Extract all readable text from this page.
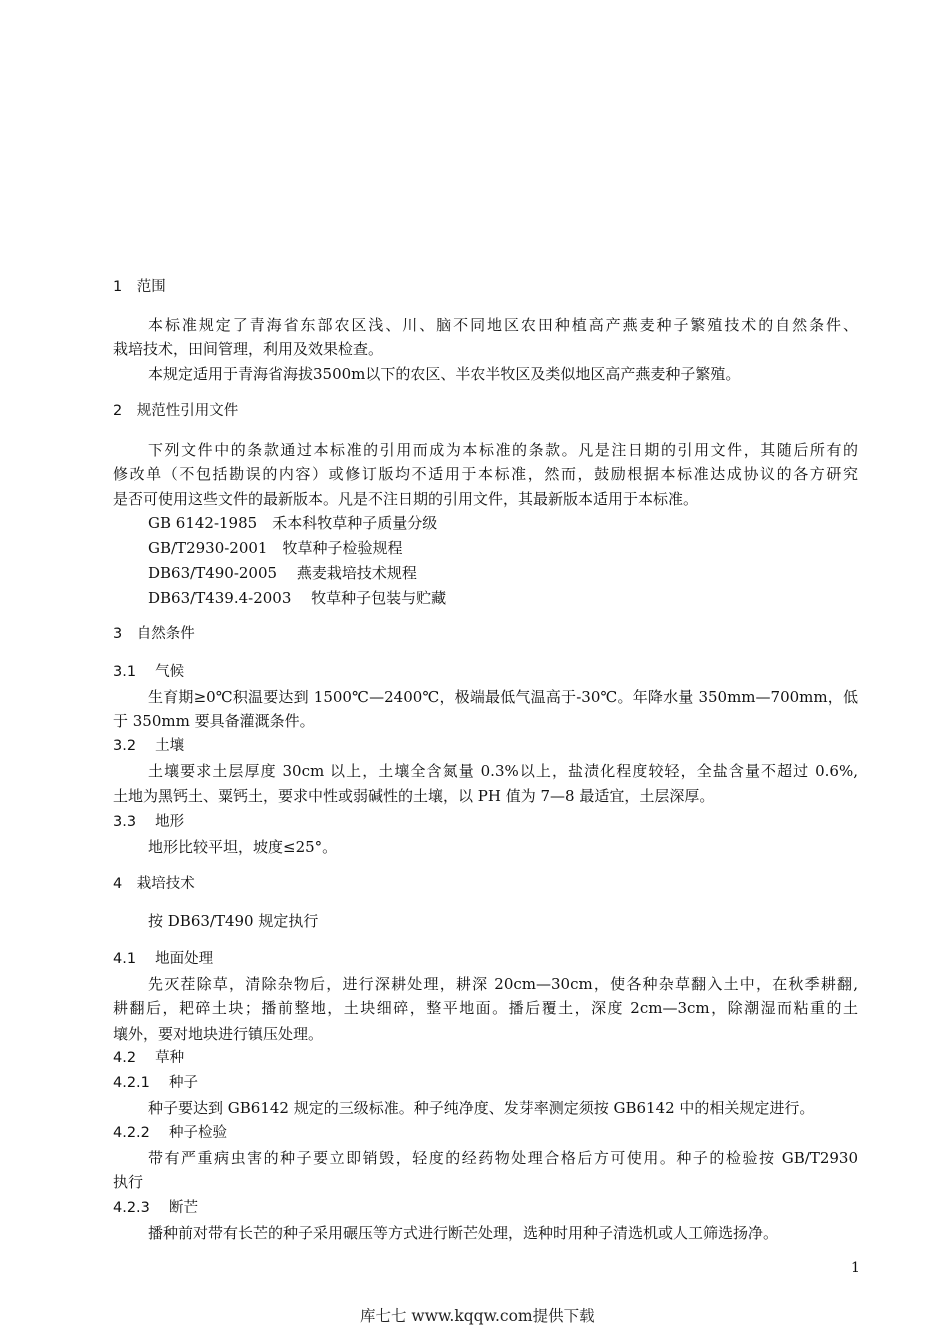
1　范围
本标准规定了青海省东部农区浅、川、脑不同地区农田种植高产燕麦种子繁殖技术的自然条件、
栽培技术，田间管理，利用及效果检查。
本规定适用于青海省海拔3500m以下的农区、半农半牧区及类似地区高产燕麦种子繁殖。
2　规范性引用文件
下列文件中的条款通过本标准的引用而成为本标准的条款。凡是注日期的引用文件，其随后所有的
修改单（不包括勘误的内容）或修订版均不适用于本标准，然而，鼓励根据本标准达成协议的各方研究
是否可使用这些文件的最新版本。凡是不注日期的引用文件，其最新版本适用于本标准。
GB 6142-1985　禾本科牧草种子质量分级
GB/T2930-2001　牧草种子检验规程
DB63/T490-2005　 燕麦栽培技术规程
DB63/T439.4-2003　 牧草种子包装与贮藏
3　自然条件
3.1　 气候
生育期≥0℃积温要达到 1500℃—2400℃，极端最低气温高于-30℃。年降水量 350mm—700mm，低
于 350mm 要具备灌溉条件。
3.2　 土壤
土壤要求土层厚度 30cm 以上，土壤全含氮量 0.3%以上，盐渍化程度较轻，全盐含量不超过 0.6%,
土地为黑钙土、粟钙土，要求中性或弱碱性的土壤，以 PH 值为 7—8 最适宜，土层深厚。
3.3　 地形
地形比较平坦，坡度≤25°。
4　栽培技术
按 DB63/T490 规定执行
4.1　 地面处理
先灭茬除草，清除杂物后，进行深耕处理，耕深 20cm—30cm，使各种杂草翻入土中，在秋季耕翻,
耕翻后，耙碎土块；播前整地，土块细碎，整平地面。播后覆土，深度 2cm—3cm，除潮湿而粘重的土
壤外，要对地块进行镇压处理。
4.2　 草种
4.2.1　 种子
种子要达到 GB6142 规定的三级标准。种子纯净度、发芽率测定须按 GB6142 中的相关规定进行。
4.2.2　 种子检验
带有严重病虫害的种子要立即销毁，轻度的经药物处理合格后方可使用。种子的检验按 GB/T2930
执行
4.2.3　 断芒
播种前对带有长芒的种子采用碾压等方式进行断芒处理，选种时用种子清选机或人工筛选扬净。
1
库七七 www.kqqw.com提供下载
